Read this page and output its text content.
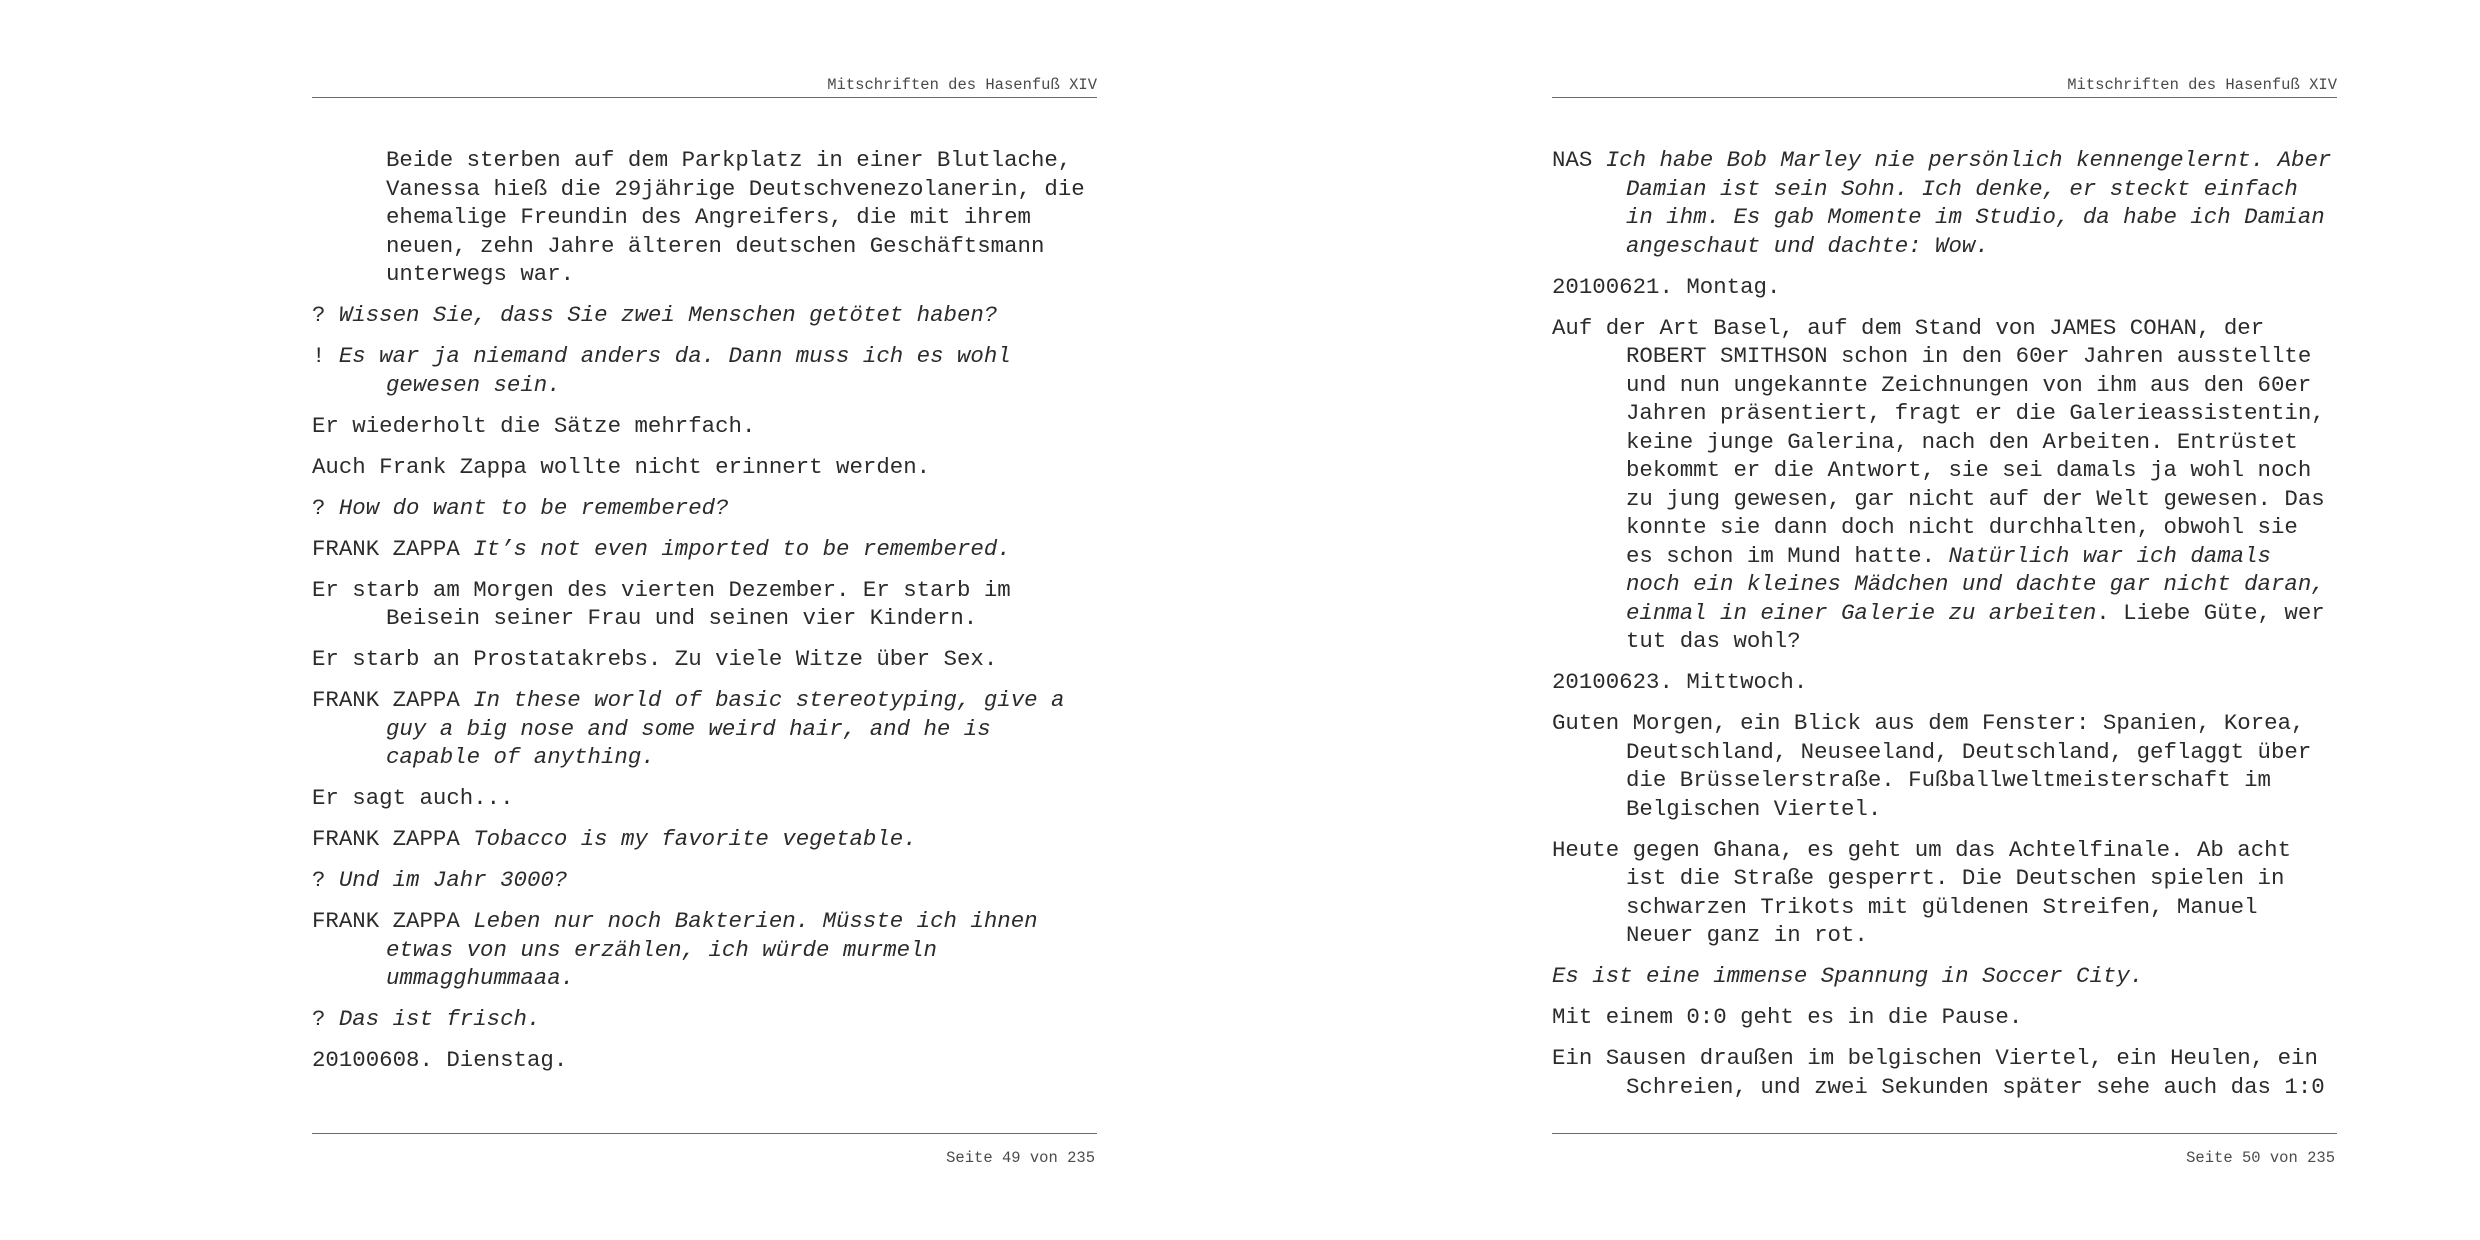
Mitschriften des Hasenfuß XIV

Beide sterben auf dem Parkplatz in einer Blutlache, Vanessa hieß die 29jährige Deutschvenezolanerin, die ehemalige Freundin des Angreifers, die mit ihrem neuen, zehn Jahre älteren deutschen Geschäftsmann unterwegs war.

? Wissen Sie, dass Sie zwei Menschen getötet haben?

! Es war ja niemand anders da. Dann muss ich es wohl gewesen sein.

Er wiederholt die Sätze mehrfach.

Auch Frank Zappa wollte nicht erinnert werden.

? How do want to be remembered?

FRANK ZAPPA It’s not even imported to be remembered.

Er starb am Morgen des vierten Dezember. Er starb im Beisein seiner Frau und seinen vier Kindern.

Er starb an Prostatakrebs. Zu viele Witze über Sex.

FRANK ZAPPA In these world of basic stereotyping, give a guy a big nose and some weird hair, and he is capable of anything.

Er sagt auch...

FRANK ZAPPA Tobacco is my favorite vegetable.

? Und im Jahr 3000?

FRANK ZAPPA Leben nur noch Bakterien. Müsste ich ihnen etwas von uns erzählen, ich würde murmeln ummagghummaaa.

? Das ist frisch.

20100608. Dienstag.

Seite 49 von 235
Mitschriften des Hasenfuß XIV

NAS Ich habe Bob Marley nie persönlich kennengelernt. Aber Damian ist sein Sohn. Ich denke, er steckt einfach in ihm. Es gab Momente im Studio, da habe ich Damian angeschaut und dachte: Wow.

20100621. Montag.

Auf der Art Basel, auf dem Stand von JAMES COHAN, der ROBERT SMITHSON schon in den 60er Jahren ausstellte und nun ungekannte Zeichnungen von ihm aus den 60er Jahren präsentiert, fragt er die Galerieassistentin, keine junge Galerina, nach den Arbeiten. Entrüstet bekommt er die Antwort, sie sei damals ja wohl noch zu jung gewesen, gar nicht auf der Welt gewesen. Das konnte sie dann doch nicht durchhalten, obwohl sie es schon im Mund hatte. Natürlich war ich damals noch ein kleines Mädchen und dachte gar nicht daran, einmal in einer Galerie zu arbeiten. Liebe Güte, wer tut das wohl?

20100623. Mittwoch.

Guten Morgen, ein Blick aus dem Fenster: Spanien, Korea, Deutschland, Neuseeland, Deutschland, geflaggt über die Brüsselerstraße. Fußballweltmeisterschaft im Belgischen Viertel.

Heute gegen Ghana, es geht um das Achtelfinale. Ab acht ist die Straße gesperrt. Die Deutschen spielen in schwarzen Trikots mit güldenen Streifen, Manuel Neuer ganz in rot.

Es ist eine immense Spannung in Soccer City.

Mit einem 0:0 geht es in die Pause.

Ein Sausen draußen im belgischen Viertel, ein Heulen, ein Schreien, und zwei Sekunden später sehe auch das 1:0

Seite 50 von 235
